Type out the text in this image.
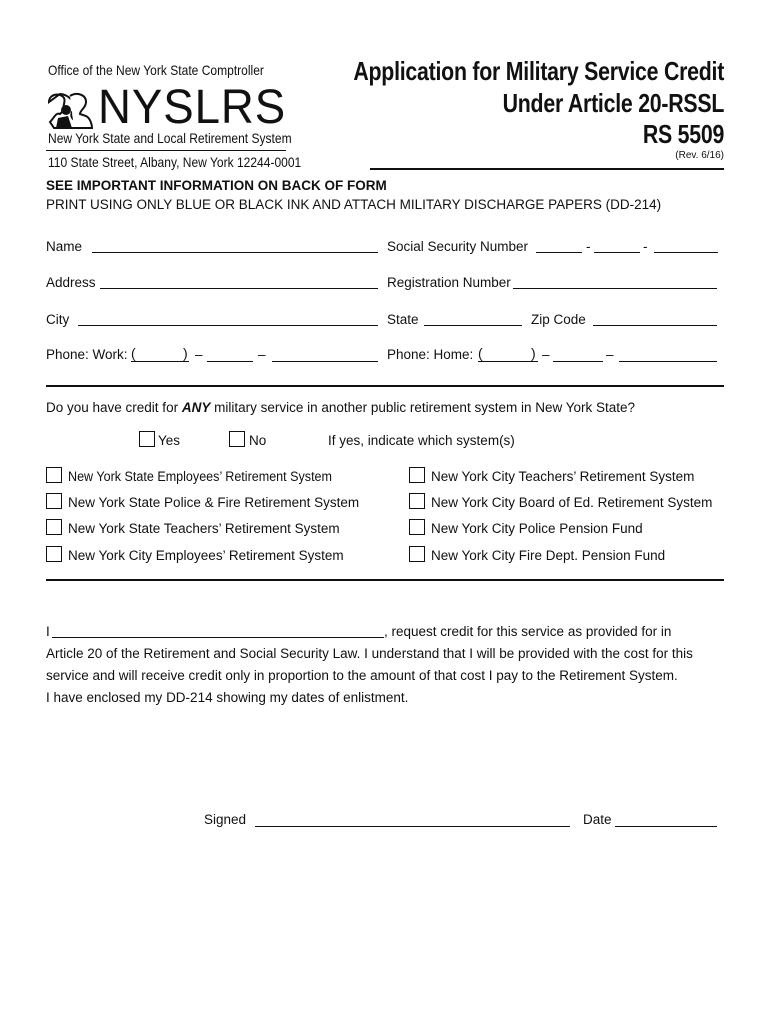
Office of the New York State Comptroller
NYSLRS
New York State and Local Retirement System
110 State Street, Albany, New York 12244-0001
Application for Military Service Credit
Under Article 20-RSSL
RS 5509
(Rev. 6/16)
SEE IMPORTANT INFORMATION ON BACK OF FORM
PRINT USING ONLY BLUE OR BLACK INK AND ATTACH MILITARY DISCHARGE PAPERS (DD-214)
Name	Social Security Number	-	-
Address	Registration Number
City	State	Zip Code
Phone: Work: (	) –	–	Phone: Home: (	) –	–
Do you have credit for ANY military service in another public retirement system in New York State?
Yes	No	If yes, indicate which system(s)
New York State Employees’ Retirement System
New York State Police & Fire Retirement System
New York State Teachers’ Retirement System
New York City Employees’ Retirement System
New York City Teachers’ Retirement System
New York City Board of Ed. Retirement System
New York City Police Pension Fund
New York City Fire Dept. Pension Fund
I	, request credit for this service as provided for in
Article 20 of the Retirement and Social Security Law. I understand that I will be provided with the cost for this
service and will receive credit only in proportion to the amount of that cost I pay to the Retirement System.
I have enclosed my DD-214 showing my dates of enlistment.
Signed	Date
